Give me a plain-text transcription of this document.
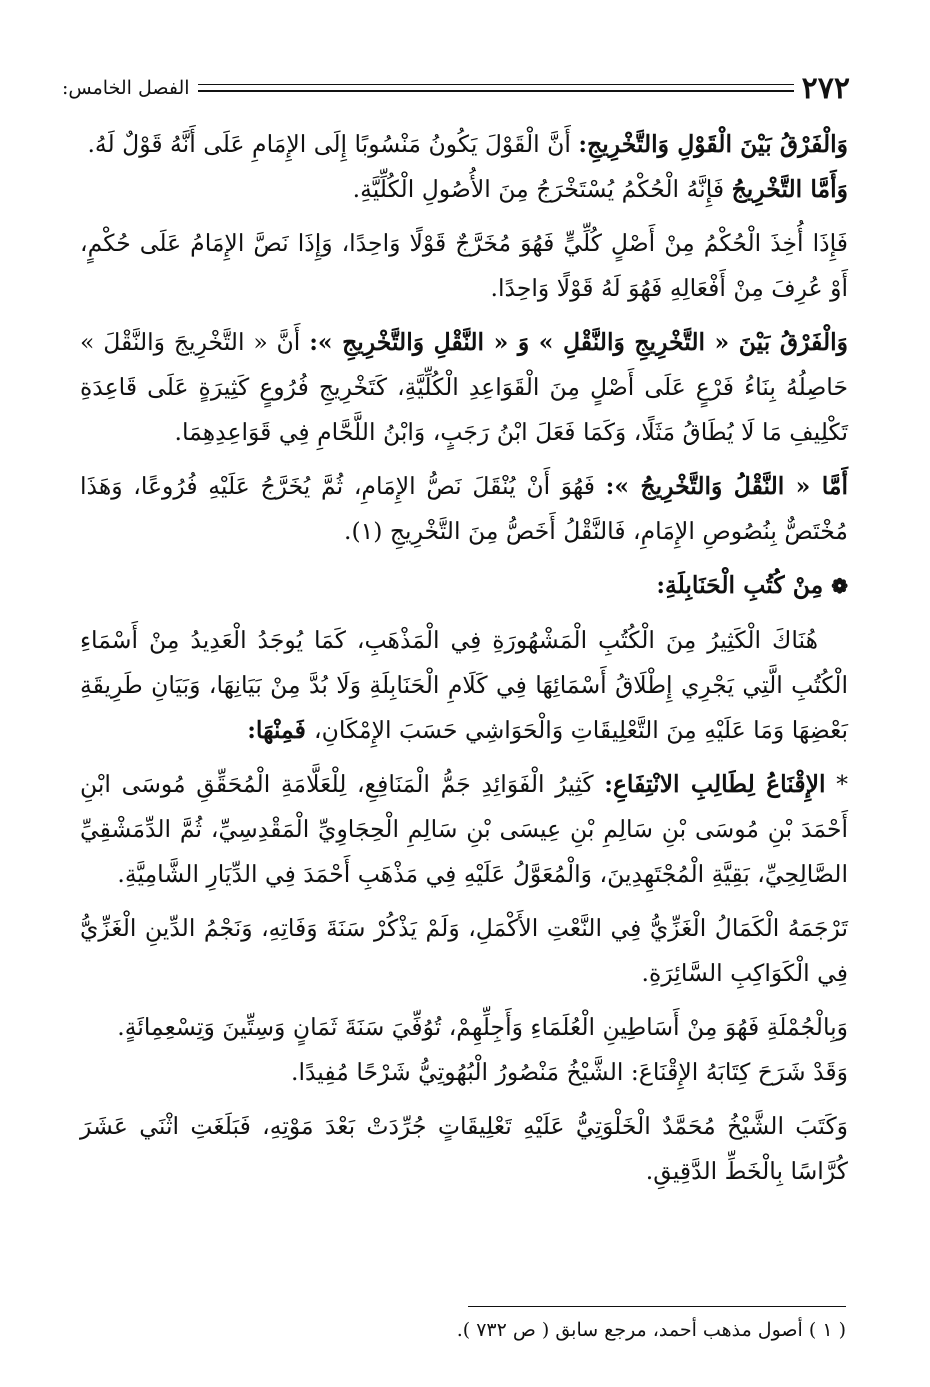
٢٧٢
الفصل الخامس:

وَالْفَرْقُ بَيْنَ الْقَوْلِ وَالتَّخْرِيجِ: أَنَّ الْقَوْلَ يَكُونُ مَنْسُوبًا إِلَى الإِمَامِ عَلَى أَنَّهُ قَوْلٌ لَهُ.

وَأَمَّا التَّخْرِيجُ فَإِنَّهُ الْحُكْمُ يُسْتَخْرَجُ مِنَ الأُصُولِ الْكُلِّيَّةِ.

فَإِذَا أُخِذَ الْحُكْمُ مِنْ أَصْلٍ كُلِّيٍّ فَهُوَ مُخَرَّجٌ قَوْلًا وَاحِدًا، وَإِذَا نَصَّ الإِمَامُ عَلَى حُكْمٍ، أَوْ عُرِفَ مِنْ أَفْعَالِهِ فَهُوَ لَهُ قَوْلًا وَاحِدًا.

وَالْفَرْقُ بَيْنَ « التَّخْرِيجِ وَالنَّقْلِ » وَ « النَّقْلِ وَالتَّخْرِيجِ »: أَنَّ « التَّخْرِيجَ وَالنَّقْلَ » حَاصِلُهُ بِنَاءُ فَرْعٍ عَلَى أَصْلٍ مِنَ الْقَوَاعِدِ الْكُلِّيَّةِ، كَتَخْرِيجِ فُرُوعٍ كَثِيرَةٍ عَلَى قَاعِدَةِ تَكْلِيفِ مَا لَا يُطَاقُ مَثَلًا، وَكَمَا فَعَلَ ابْنُ رَجَبٍ، وَابْنُ اللَّحَّامِ فِي قَوَاعِدِهِمَا.

أَمَّا « النَّقْلُ وَالتَّخْرِيجُ »: فَهُوَ أَنْ يُنْقَلَ نَصُّ الإِمَامِ، ثُمَّ يُخَرَّجُ عَلَيْهِ فُرُوعًا، وَهَذَا مُخْتَصٌّ بِنُصُوصِ الإِمَامِ، فَالنَّقْلُ أَخَصُّ مِنَ التَّخْرِيجِ (١).

❁مِنْ كُتُبِ الْحَنَابِلَةِ:

هُنَاكَ الْكَثِيرُ مِنَ الْكُتُبِ الْمَشْهُورَةِ فِي الْمَذْهَبِ، كَمَا يُوجَدُ الْعَدِيدُ مِنْ أَسْمَاءِ الْكُتُبِ الَّتِي يَجْرِي إِطْلَاقُ أَسْمَائِهَا فِي كَلَامِ الْحَنَابِلَةِ وَلَا بُدَّ مِنْ بَيَانِهَا، وَبَيَانِ طَرِيقَةِ بَعْضِهَا وَمَا عَلَيْهِ مِنَ التَّعْلِيقَاتِ وَالْحَوَاشِي حَسَبَ الإِمْكَانِ، فَمِنْهَا:

* الإِقْنَاعُ لِطَالِبِ الانْتِفَاعِ: كَثِيرُ الْفَوَائِدِ جَمُّ الْمَنَافِعِ، لِلْعَلَّامَةِ الْمُحَقِّقِ مُوسَى ابْنِ أَحْمَدَ بْنِ مُوسَى بْنِ سَالِمِ بْنِ عِيسَى بْنِ سَالِمِ الْحِجَاوِيِّ الْمَقْدِسِيِّ، ثُمَّ الدِّمَشْقِيِّ الصَّالِحِيِّ، بَقِيَّةِ الْمُجْتَهِدِينَ، وَالْمُعَوَّلُ عَلَيْهِ فِي مَذْهَبِ أَحْمَدَ فِي الدِّيَارِ الشَّامِيَّةِ.

تَرْجَمَهُ الْكَمَالُ الْغَزِّيُّ فِي النَّعْتِ الأَكْمَلِ، وَلَمْ يَذْكُرْ سَنَةَ وَفَاتِهِ، وَنَجْمُ الدِّينِ الْغَزِّيُّ فِي الْكَوَاكِبِ السَّائِرَةِ.

وَبِالْجُمْلَةِ فَهُوَ مِنْ أَسَاطِينِ الْعُلَمَاءِ وَأَجِلِّهِمْ، تُوُفِّيَ سَنَةَ ثَمَانٍ وَسِتِّينَ وَتِسْعِمِائَةٍ.

وَقَدْ شَرَحَ كِتَابَهُ الإِقْنَاعَ: الشَّيْخُ مَنْصُورُ الْبُهُوتِيُّ شَرْحًا مُفِيدًا.

وَكَتَبَ الشَّيْخُ مُحَمَّدٌ الْخَلْوَتِيُّ عَلَيْهِ تَعْلِيقَاتٍ جُرِّدَتْ بَعْدَ مَوْتِهِ، فَبَلَغَتِ اثْنَي عَشَرَ كُرَّاسًا بِالْخَطِّ الدَّقِيقِ.

( ١ ) أصول مذهب أحمد، مرجع سابق ( ص ٧٣٢ ).
